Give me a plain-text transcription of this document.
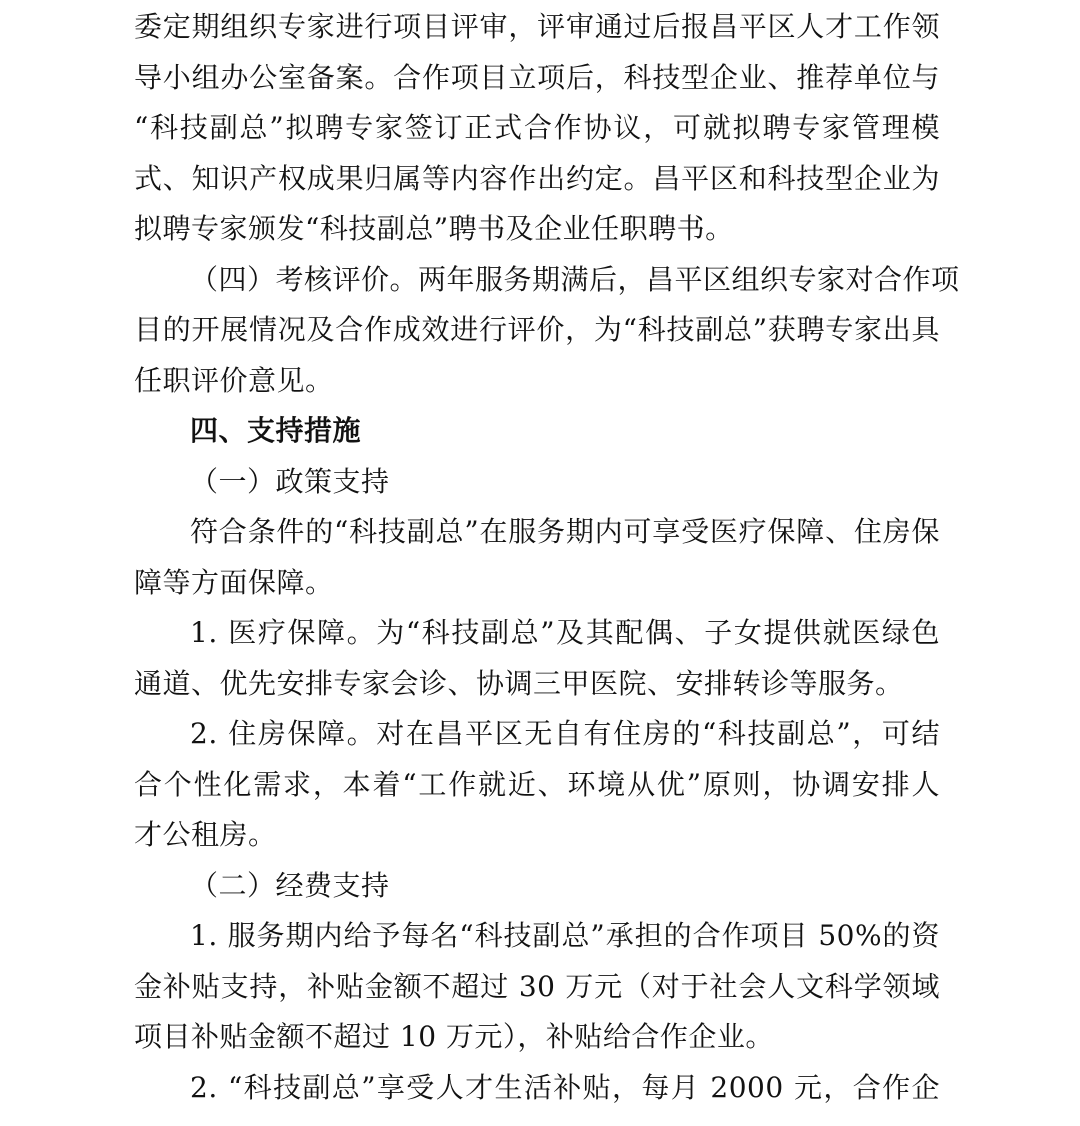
委定期组织专家进行项目评审，评审通过后报昌平区人才工作领
导小组办公室备案。合作项目立项后，科技型企业、推荐单位与
“科技副总”拟聘专家签订正式合作协议，可就拟聘专家管理模
式、知识产权成果归属等内容作出约定。昌平区和科技型企业为
拟聘专家颁发“科技副总”聘书及企业任职聘书。
（四）考核评价。两年服务期满后，昌平区组织专家对合作项
目的开展情况及合作成效进行评价，为“科技副总”获聘专家出具
任职评价意见。
四、支持措施
（一）政策支持
符合条件的“科技副总”在服务期内可享受医疗保障、住房保
障等方面保障。
1. 医疗保障。为“科技副总”及其配偶、子女提供就医绿色
通道、优先安排专家会诊、协调三甲医院、安排转诊等服务。
2. 住房保障。对在昌平区无自有住房的“科技副总”，可结
合个性化需求，本着“工作就近、环境从优”原则，协调安排人
才公租房。
（二）经费支持
1. 服务期内给予每名“科技副总”承担的合作项目 50%的资
金补贴支持，补贴金额不超过 30 万元（对于社会人文科学领域
项目补贴金额不超过 10 万元），补贴给合作企业。
2. “科技副总”享受人才生活补贴，每月 2000 元，合作企
